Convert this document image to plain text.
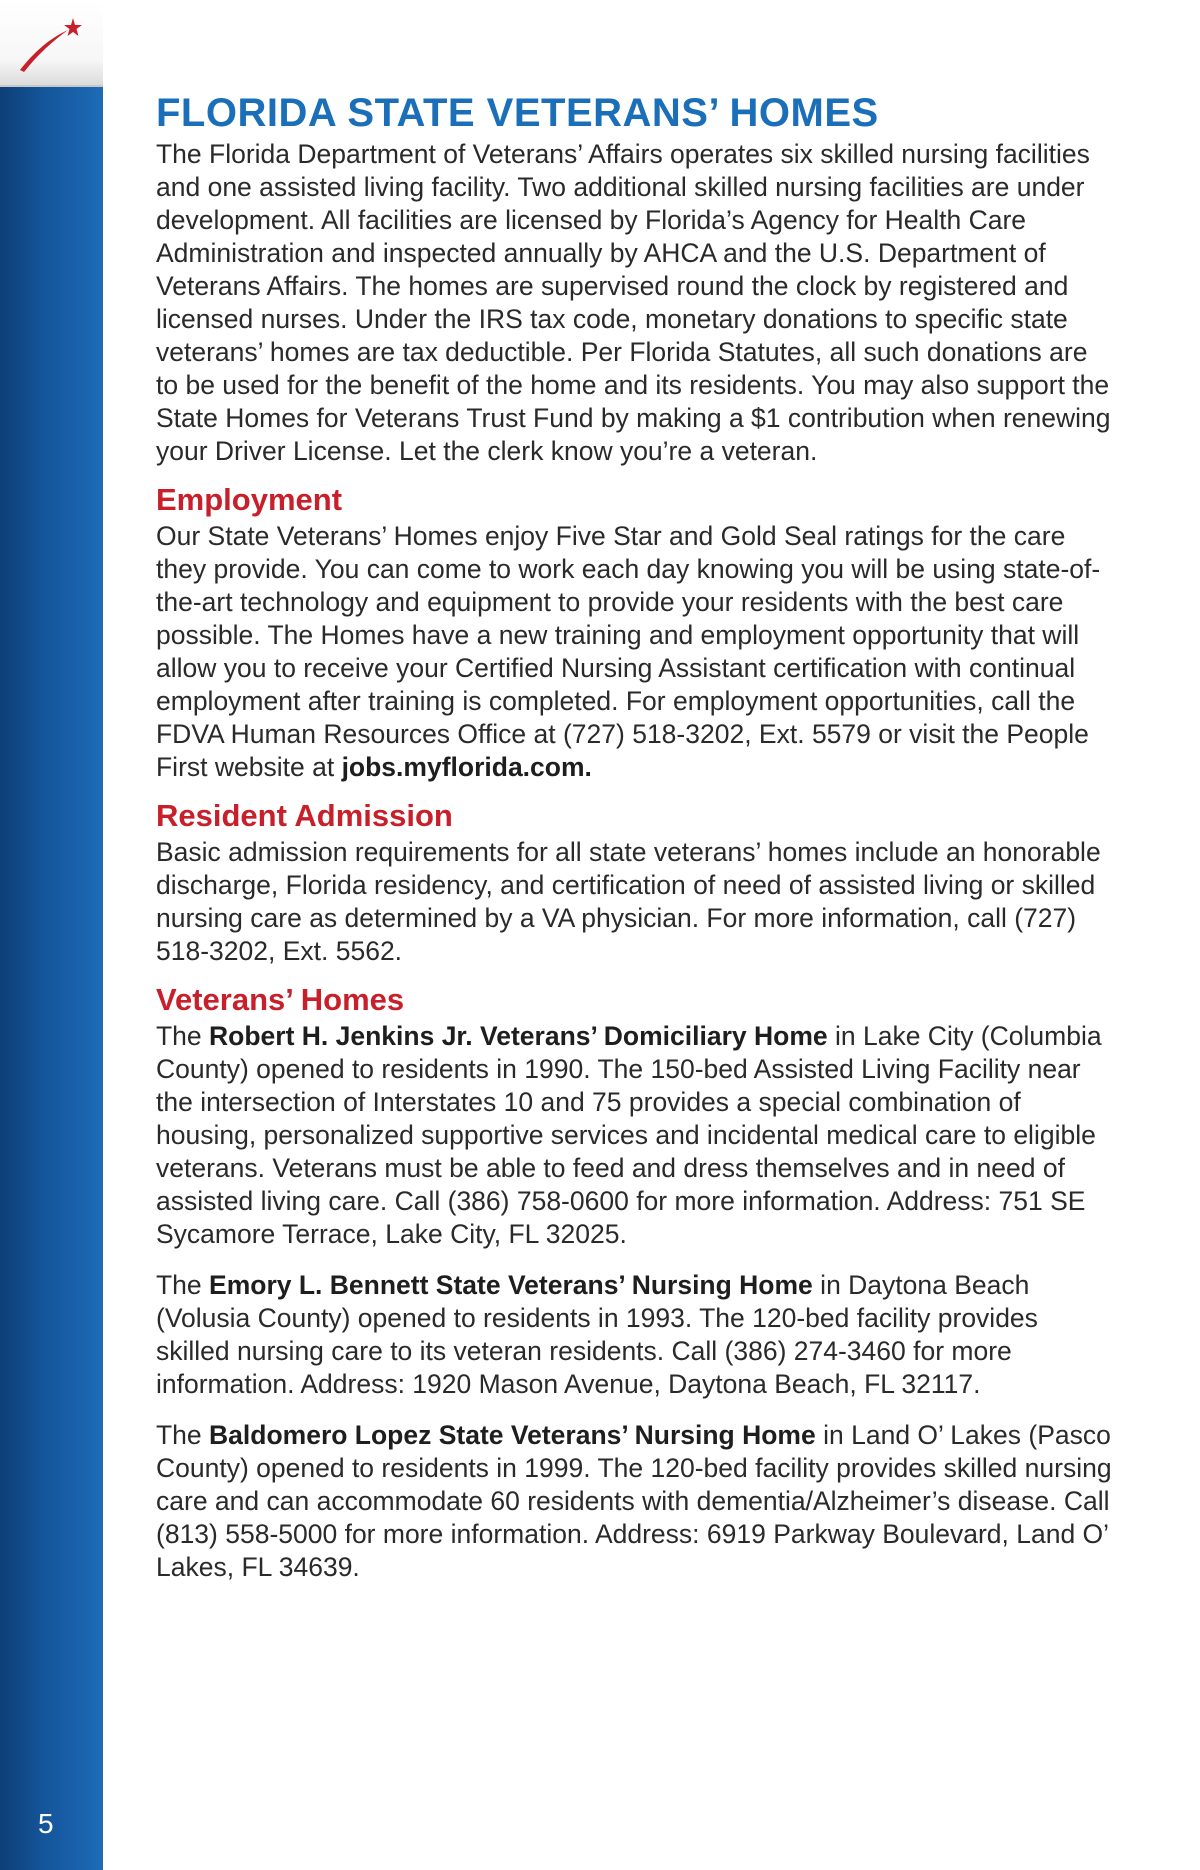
5
FLORIDA STATE VETERANS’ HOMES

The Florida Department of Veterans’ Affairs operates six skilled nursing facilities and one assisted living facility. Two additional skilled nursing facilities are under development. All facilities are licensed by Florida’s Agency for Health Care Administration and inspected annually by AHCA and the U.S. Department of Veterans Affairs. The homes are supervised round the clock by registered and licensed nurses. Under the IRS tax code, monetary donations to specific state veterans’ homes are tax deductible. Per Florida Statutes, all such donations are to be used for the benefit of the home and its residents. You may also support the State Homes for Veterans Trust Fund by making a $1 contribution when renewing your Driver License. Let the clerk know you’re a veteran.

Employment

Our State Veterans’ Homes enjoy Five Star and Gold Seal ratings for the care they provide. You can come to work each day knowing you will be using state-of-the-art technology and equipment to provide your residents with the best care possible. The Homes have a new training and employment opportunity that will allow you to receive your Certified Nursing Assistant certification with continual employment after training is completed. For employment opportunities, call the FDVA Human Resources Office at (727) 518-3202, Ext. 5579 or visit the People First website at jobs.myflorida.com.

Resident Admission

Basic admission requirements for all state veterans’ homes include an honorable discharge, Florida residency, and certification of need of assisted living or skilled nursing care as determined by a VA physician. For more information, call (727) 518-3202, Ext. 5562.

Veterans’ Homes

The Robert H. Jenkins Jr. Veterans’ Domiciliary Home in Lake City (Columbia County) opened to residents in 1990. The 150-bed Assisted Living Facility near the intersection of Interstates 10 and 75 provides a special combination of housing, personalized supportive services and incidental medical care to eligible veterans. Veterans must be able to feed and dress themselves and in need of assisted living care. Call (386) 758-0600 for more information. Address: 751 SE Sycamore Terrace, Lake City, FL 32025.

The Emory L. Bennett State Veterans’ Nursing Home in Daytona Beach (Volusia County) opened to residents in 1993. The 120-bed facility provides skilled nursing care to its veteran residents. Call (386) 274-3460 for more information. Address: 1920 Mason Avenue, Daytona Beach, FL 32117.

The Baldomero Lopez State Veterans’ Nursing Home in Land O’ Lakes (Pasco County) opened to residents in 1999. The 120-bed facility provides skilled nursing care and can accommodate 60 residents with dementia/Alzheimer’s disease. Call (813) 558-5000 for more information. Address: 6919 Parkway Boulevard, Land O’ Lakes, FL 34639.
